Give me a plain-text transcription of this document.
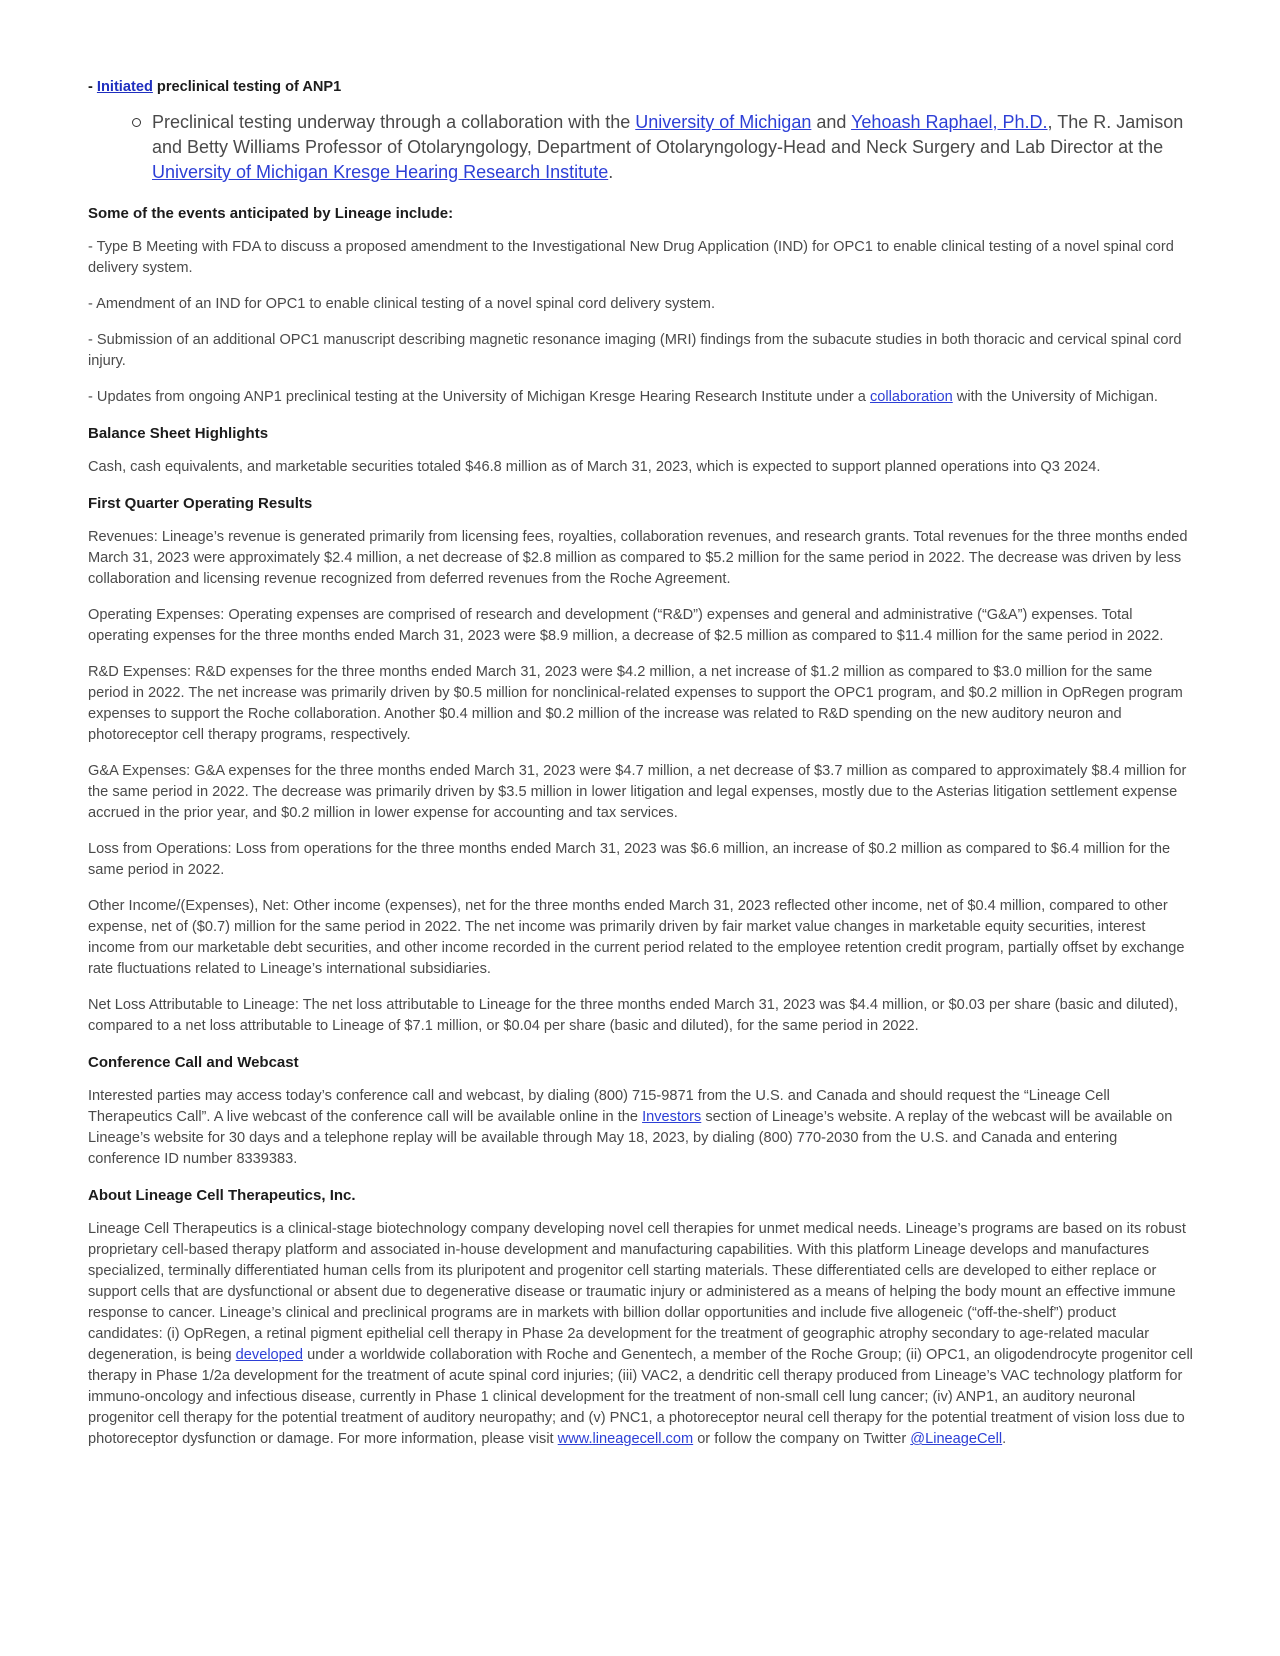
- Initiated preclinical testing of ANP1

Preclinical testing underway through a collaboration with the University of Michigan and Yehoash Raphael, Ph.D., The R. Jamison and Betty Williams Professor of Otolaryngology, Department of Otolaryngology-Head and Neck Surgery and Lab Director at the University of Michigan Kresge Hearing Research Institute.

Some of the events anticipated by Lineage include:

- Type B Meeting with FDA to discuss a proposed amendment to the Investigational New Drug Application (IND) for OPC1 to enable clinical testing of a novel spinal cord delivery system.

- Amendment of an IND for OPC1 to enable clinical testing of a novel spinal cord delivery system.

- Submission of an additional OPC1 manuscript describing magnetic resonance imaging (MRI) findings from the subacute studies in both thoracic and cervical spinal cord injury.

- Updates from ongoing ANP1 preclinical testing at the University of Michigan Kresge Hearing Research Institute under a collaboration with the University of Michigan.

Balance Sheet Highlights

Cash, cash equivalents, and marketable securities totaled $46.8 million as of March 31, 2023, which is expected to support planned operations into Q3 2024.

First Quarter Operating Results

Revenues: Lineage’s revenue is generated primarily from licensing fees, royalties, collaboration revenues, and research grants. Total revenues for the three months ended March 31, 2023 were approximately $2.4 million, a net decrease of $2.8 million as compared to $5.2 million for the same period in 2022. The decrease was driven by less collaboration and licensing revenue recognized from deferred revenues from the Roche Agreement.

Operating Expenses: Operating expenses are comprised of research and development (“R&D”) expenses and general and administrative (“G&A”) expenses. Total operating expenses for the three months ended March 31, 2023 were $8.9 million, a decrease of $2.5 million as compared to $11.4 million for the same period in 2022.

R&D Expenses: R&D expenses for the three months ended March 31, 2023 were $4.2 million, a net increase of $1.2 million as compared to $3.0 million for the same period in 2022. The net increase was primarily driven by $0.5 million for nonclinical-related expenses to support the OPC1 program, and $0.2 million in OpRegen program expenses to support the Roche collaboration. Another $0.4 million and $0.2 million of the increase was related to R&D spending on the new auditory neuron and photoreceptor cell therapy programs, respectively.

G&A Expenses: G&A expenses for the three months ended March 31, 2023 were $4.7 million, a net decrease of $3.7 million as compared to approximately $8.4 million for the same period in 2022. The decrease was primarily driven by $3.5 million in lower litigation and legal expenses, mostly due to the Asterias litigation settlement expense accrued in the prior year, and $0.2 million in lower expense for accounting and tax services.

Loss from Operations: Loss from operations for the three months ended March 31, 2023 was $6.6 million, an increase of $0.2 million as compared to $6.4 million for the same period in 2022.

Other Income/(Expenses), Net: Other income (expenses), net for the three months ended March 31, 2023 reflected other income, net of $0.4 million, compared to other expense, net of ($0.7) million for the same period in 2022. The net income was primarily driven by fair market value changes in marketable equity securities, interest income from our marketable debt securities, and other income recorded in the current period related to the employee retention credit program, partially offset by exchange rate fluctuations related to Lineage’s international subsidiaries.

Net Loss Attributable to Lineage: The net loss attributable to Lineage for the three months ended March 31, 2023 was $4.4 million, or $0.03 per share (basic and diluted), compared to a net loss attributable to Lineage of $7.1 million, or $0.04 per share (basic and diluted), for the same period in 2022.

Conference Call and Webcast

Interested parties may access today’s conference call and webcast, by dialing (800) 715-9871 from the U.S. and Canada and should request the “Lineage Cell Therapeutics Call”. A live webcast of the conference call will be available online in the Investors section of Lineage’s website. A replay of the webcast will be available on Lineage’s website for 30 days and a telephone replay will be available through May 18, 2023, by dialing (800) 770-2030 from the U.S. and Canada and entering conference ID number 8339383.

About Lineage Cell Therapeutics, Inc.

Lineage Cell Therapeutics is a clinical-stage biotechnology company developing novel cell therapies for unmet medical needs. Lineage’s programs are based on its robust proprietary cell-based therapy platform and associated in-house development and manufacturing capabilities. With this platform Lineage develops and manufactures specialized, terminally differentiated human cells from its pluripotent and progenitor cell starting materials. These differentiated cells are developed to either replace or support cells that are dysfunctional or absent due to degenerative disease or traumatic injury or administered as a means of helping the body mount an effective immune response to cancer. Lineage’s clinical and preclinical programs are in markets with billion dollar opportunities and include five allogeneic (“off-the-shelf”) product candidates: (i) OpRegen, a retinal pigment epithelial cell therapy in Phase 2a development for the treatment of geographic atrophy secondary to age-related macular degeneration, is being developed under a worldwide collaboration with Roche and Genentech, a member of the Roche Group; (ii) OPC1, an oligodendrocyte progenitor cell therapy in Phase 1/2a development for the treatment of acute spinal cord injuries; (iii) VAC2, a dendritic cell therapy produced from Lineage’s VAC technology platform for immuno-oncology and infectious disease, currently in Phase 1 clinical development for the treatment of non-small cell lung cancer; (iv) ANP1, an auditory neuronal progenitor cell therapy for the potential treatment of auditory neuropathy; and (v) PNC1, a photoreceptor neural cell therapy for the potential treatment of vision loss due to photoreceptor dysfunction or damage. For more information, please visit www.lineagecell.com or follow the company on Twitter @LineageCell.
